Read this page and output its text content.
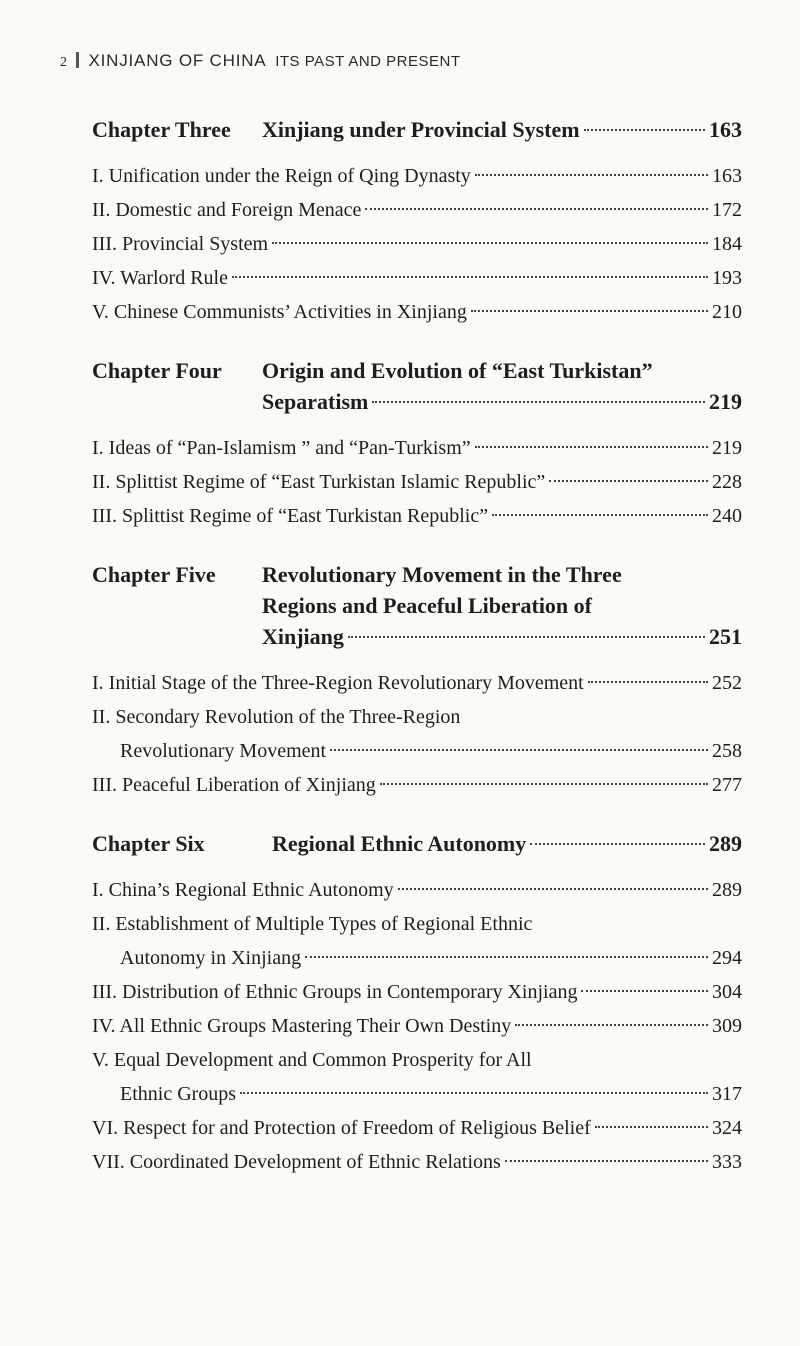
2 XINJIANG OF CHINA ITS PAST AND PRESENT
Chapter Three	Xinjiang under Provincial System	163
I. Unification under the Reign of Qing Dynasty	163
II. Domestic and Foreign Menace	172
III. Provincial System	184
IV. Warlord Rule	193
V. Chinese Communists’ Activities in Xinjiang	210
Chapter Four	Origin and Evolution of “East Turkistan”
Separatism	219
I. Ideas of “Pan-Islamism ” and “Pan-Turkism”	219
II. Splittist Regime of “East Turkistan Islamic Republic”	228
III. Splittist Regime of “East Turkistan Republic”	240
Chapter Five	Revolutionary Movement in the Three
Regions and Peaceful Liberation of
Xinjiang	251
I. Initial Stage of the Three-Region Revolutionary Movement	252
II. Secondary Revolution of the Three-Region
Revolutionary Movement	258
III. Peaceful Liberation of Xinjiang	277
Chapter Six	Regional Ethnic Autonomy	289
I. China’s Regional Ethnic Autonomy	289
II. Establishment of Multiple Types of Regional Ethnic
Autonomy in Xinjiang	294
III. Distribution of Ethnic Groups in Contemporary Xinjiang	304
IV. All Ethnic Groups Mastering Their Own Destiny	309
V. Equal Development and Common Prosperity for All
Ethnic Groups	317
VI. Respect for and Protection of Freedom of Religious Belief	324
VII. Coordinated Development of Ethnic Relations	333
